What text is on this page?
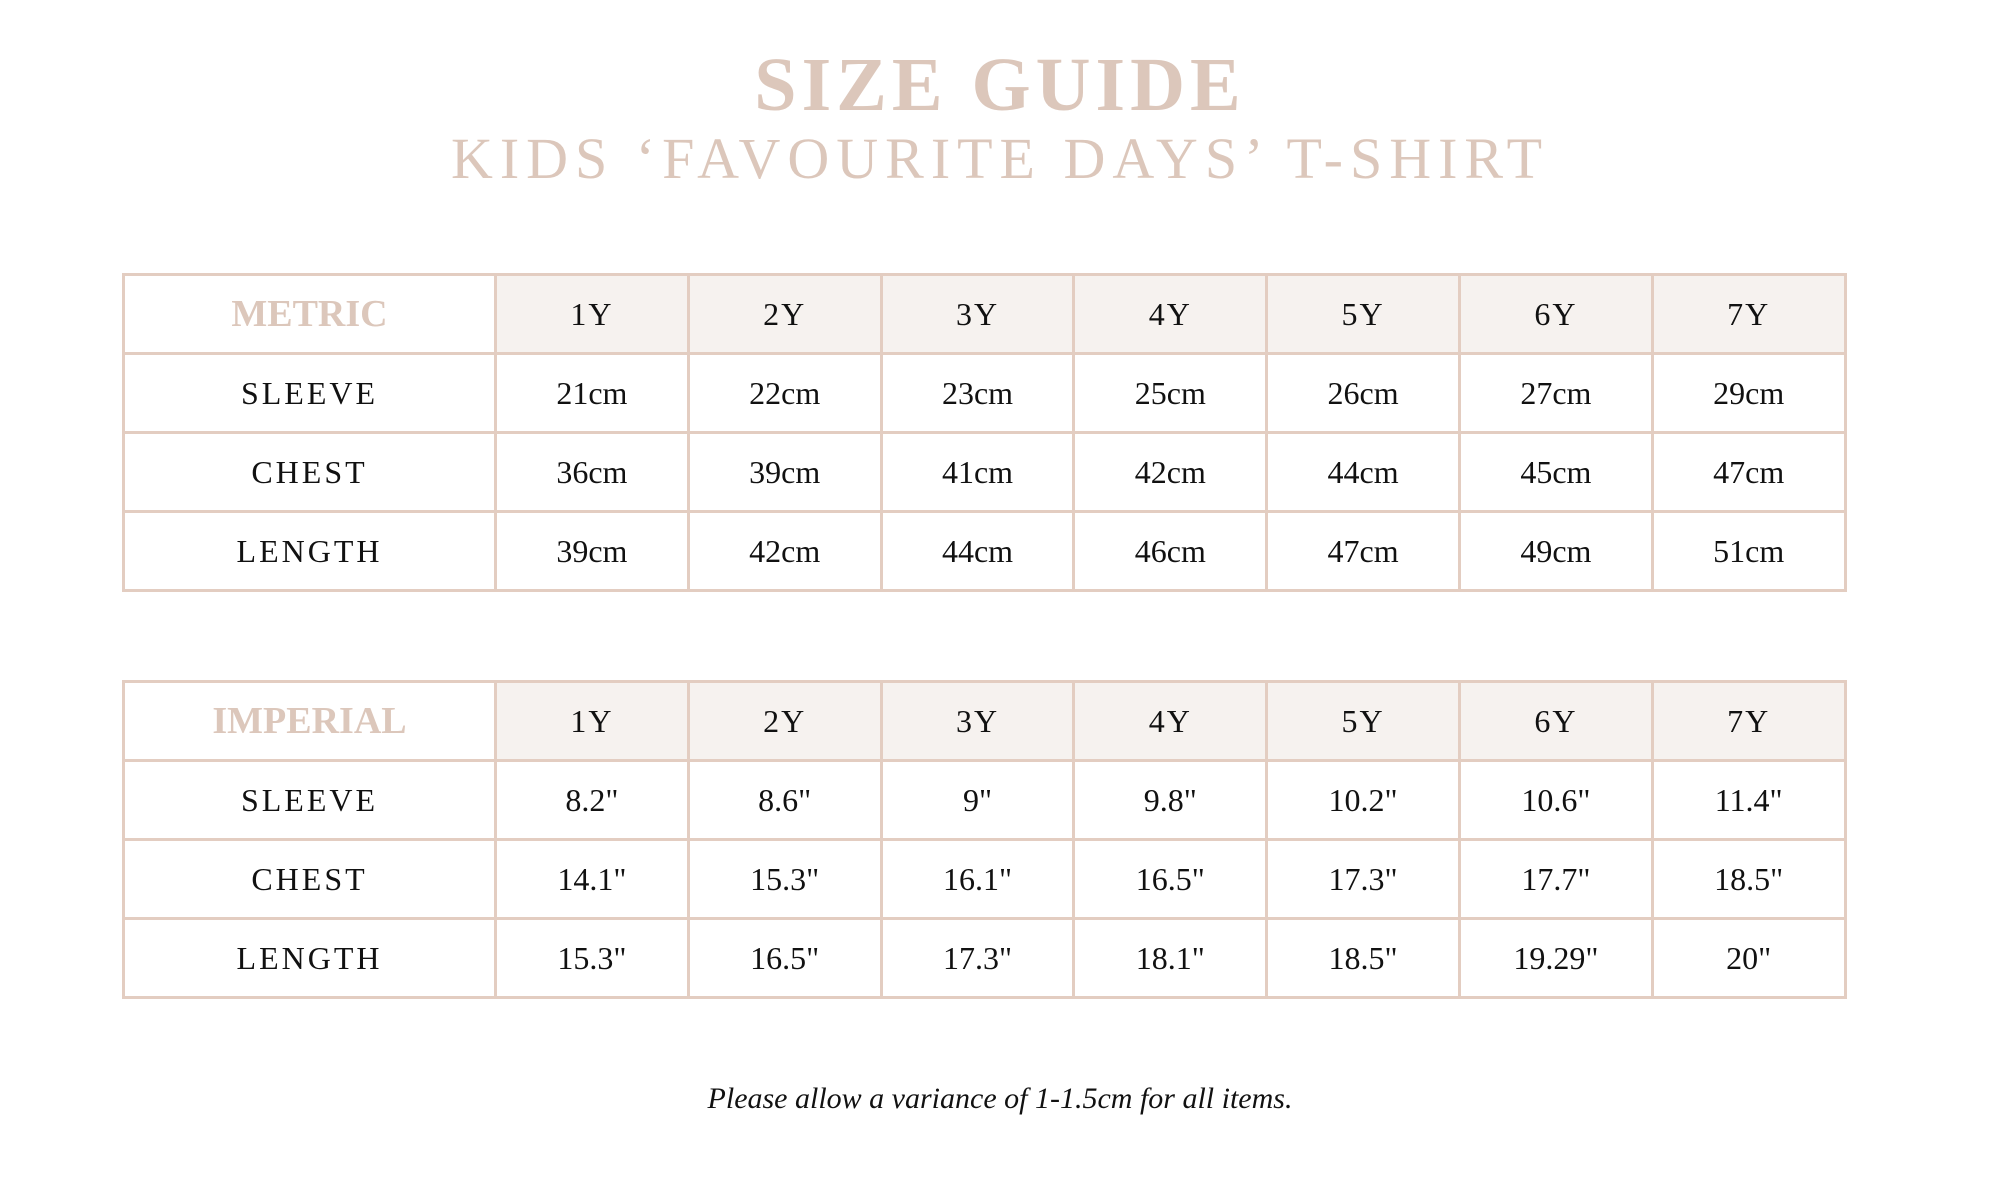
SIZE GUIDE
KIDS ‘FAVOURITE DAYS’ T-SHIRT
METRIC	1Y	2Y	3Y	4Y	5Y	6Y	7Y
SLEEVE	21cm	22cm	23cm	25cm	26cm	27cm	29cm
CHEST	36cm	39cm	41cm	42cm	44cm	45cm	47cm
LENGTH	39cm	42cm	44cm	46cm	47cm	49cm	51cm
IMPERIAL	1Y	2Y	3Y	4Y	5Y	6Y	7Y
SLEEVE	8.2"	8.6"	9"	9.8"	10.2"	10.6"	11.4"
CHEST	14.1"	15.3"	16.1"	16.5"	17.3"	17.7"	18.5"
LENGTH	15.3"	16.5"	17.3"	18.1"	18.5"	19.29"	20"
Please allow a variance of 1-1.5cm for all items.
